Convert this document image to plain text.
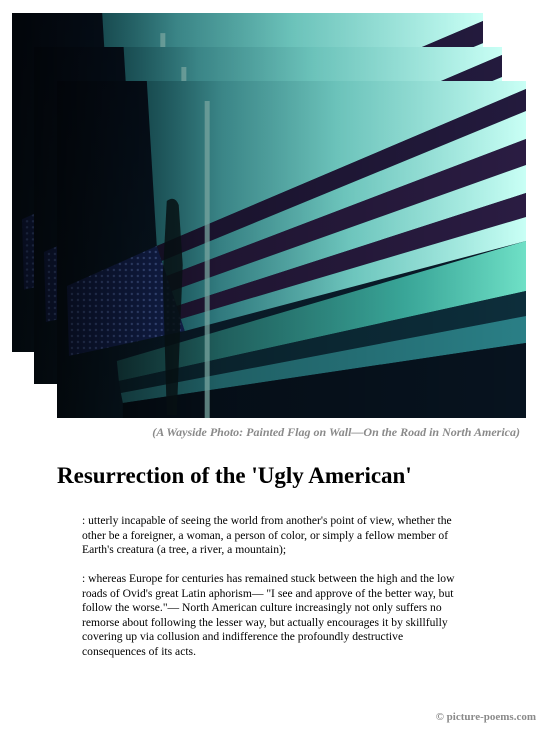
(A Wayside Photo: Painted Flag on Wall—On the Road in North America)
Resurrection of the 'Ugly American'

: utterly incapable of seeing the world from another's point of view, whether the other be a foreigner, a woman, a person of color, or simply a fellow member of Earth's creatura (a tree, a river, a mountain);

: whereas Europe for centuries has remained stuck between the high and the low roads of Ovid's great Latin aphorism— "I see and approve of the better way, but follow the worse."— North American culture increasingly not only suffers no remorse about following the lesser way, but actually encourages it by skillfully covering up via collusion and indifference the profoundly destructive consequences of its acts.

© picture-poems.com
